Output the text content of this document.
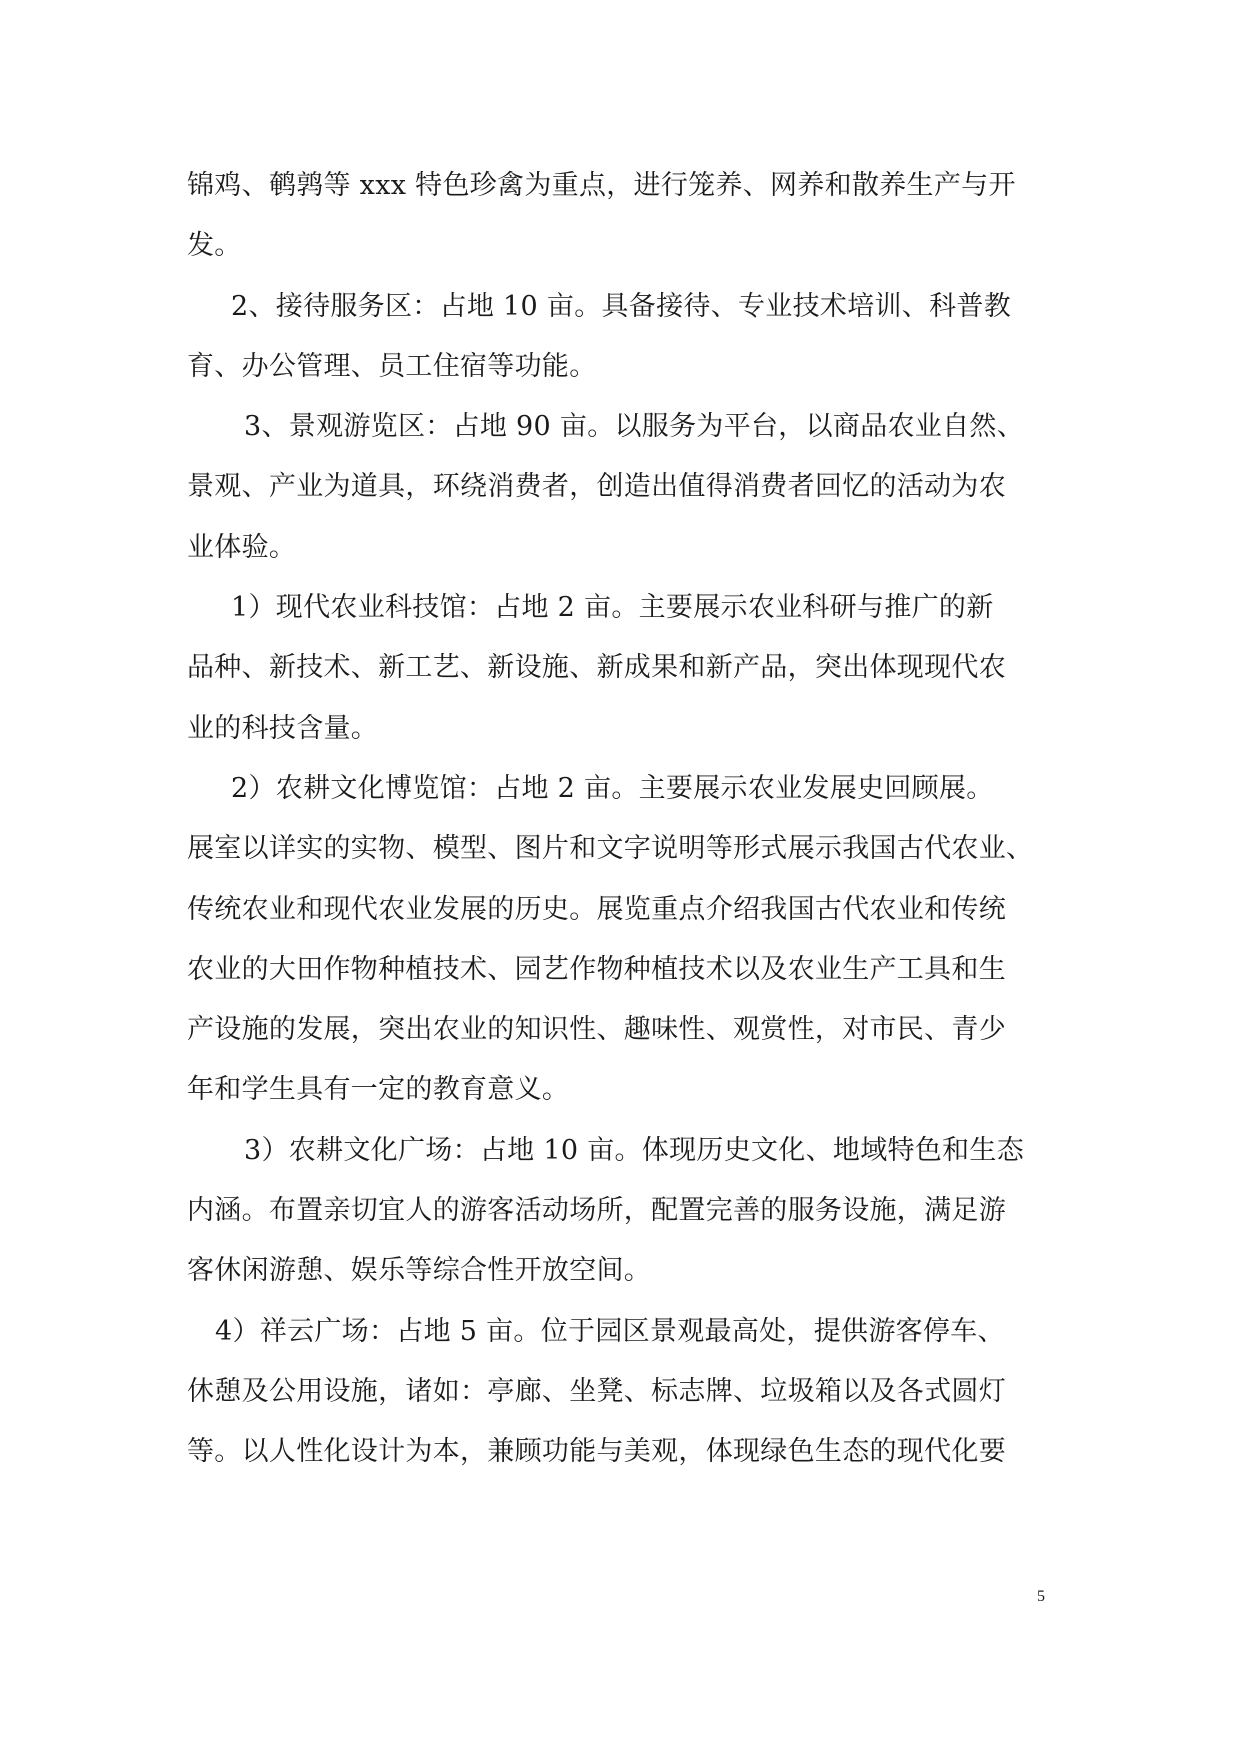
锦鸡、鹌鹑等 xxx 特色珍禽为重点，进行笼养、网养和散养生产与开
发。
2、接待服务区：占地 10 亩。具备接待、专业技术培训、科普教
育、办公管理、员工住宿等功能。
3、景观游览区：占地 90 亩。以服务为平台，以商品农业自然、
景观、产业为道具，环绕消费者，创造出值得消费者回忆的活动为农
业体验。
1）现代农业科技馆：占地 2 亩。主要展示农业科研与推广的新
品种、新技术、新工艺、新设施、新成果和新产品，突出体现现代农
业的科技含量。
2）农耕文化博览馆：占地 2 亩。主要展示农业发展史回顾展。
展室以详实的实物、模型、图片和文字说明等形式展示我国古代农业、
传统农业和现代农业发展的历史。展览重点介绍我国古代农业和传统
农业的大田作物种植技术、园艺作物种植技术以及农业生产工具和生
产设施的发展，突出农业的知识性、趣味性、观赏性，对市民、青少
年和学生具有一定的教育意义。
3）农耕文化广场：占地 10 亩。体现历史文化、地域特色和生态
内涵。布置亲切宜人的游客活动场所，配置完善的服务设施，满足游
客休闲游憩、娱乐等综合性开放空间。
4）祥云广场：占地 5 亩。位于园区景观最高处，提供游客停车、
休憩及公用设施，诸如：亭廊、坐凳、标志牌、垃圾箱以及各式圆灯
等。以人性化设计为本，兼顾功能与美观，体现绿色生态的现代化要
5
